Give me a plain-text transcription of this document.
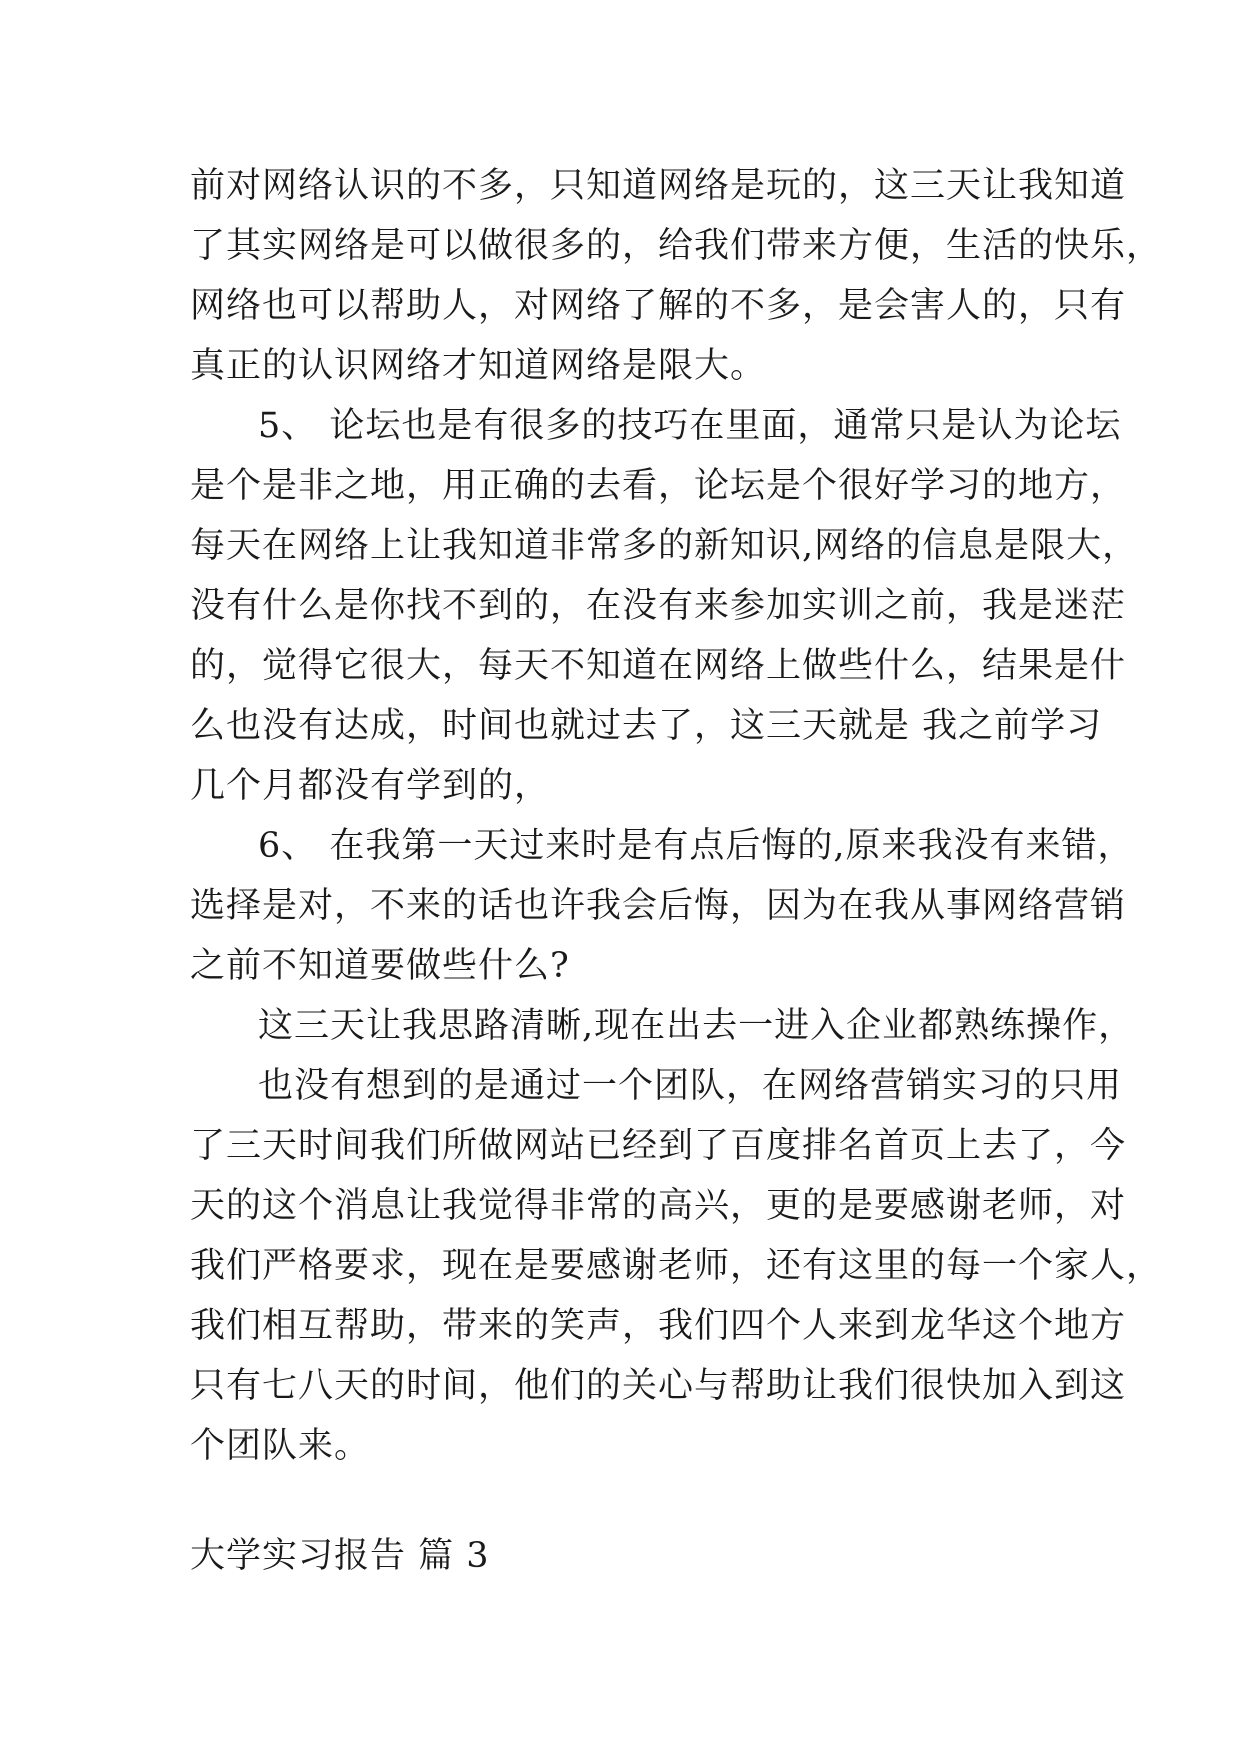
前对网络认识的不多，只知道网络是玩的，这三天让我知道
了其实网络是可以做很多的，给我们带来方便，生活的快乐，
网络也可以帮助人，对网络了解的不多，是会害人的，只有
真正的认识网络才知道网络是限大。
5、 论坛也是有很多的技巧在里面，通常只是认为论坛
是个是非之地，用正确的去看，论坛是个很好学习的地方，
每天在网络上让我知道非常多的新知识,网络的信息是限大，
没有什么是你找不到的，在没有来参加实训之前，我是迷茫
的，觉得它很大，每天不知道在网络上做些什么，结果是什
么也没有达成，时间也就过去了，这三天就是 我之前学习
几个月都没有学到的，
6、 在我第一天过来时是有点后悔的,原来我没有来错，
选择是对，不来的话也许我会后悔，因为在我从事网络营销
之前不知道要做些什么?
这三天让我思路清晰,现在出去一进入企业都熟练操作，
也没有想到的是通过一个团队，在网络营销实习的只用
了三天时间我们所做网站已经到了百度排名首页上去了，今
天的这个消息让我觉得非常的高兴，更的是要感谢老师，对
我们严格要求，现在是要感谢老师，还有这里的每一个家人，
我们相互帮助，带来的笑声，我们四个人来到龙华这个地方
只有七八天的时间，他们的关心与帮助让我们很快加入到这
个团队来。
大学实习报告 篇 3
